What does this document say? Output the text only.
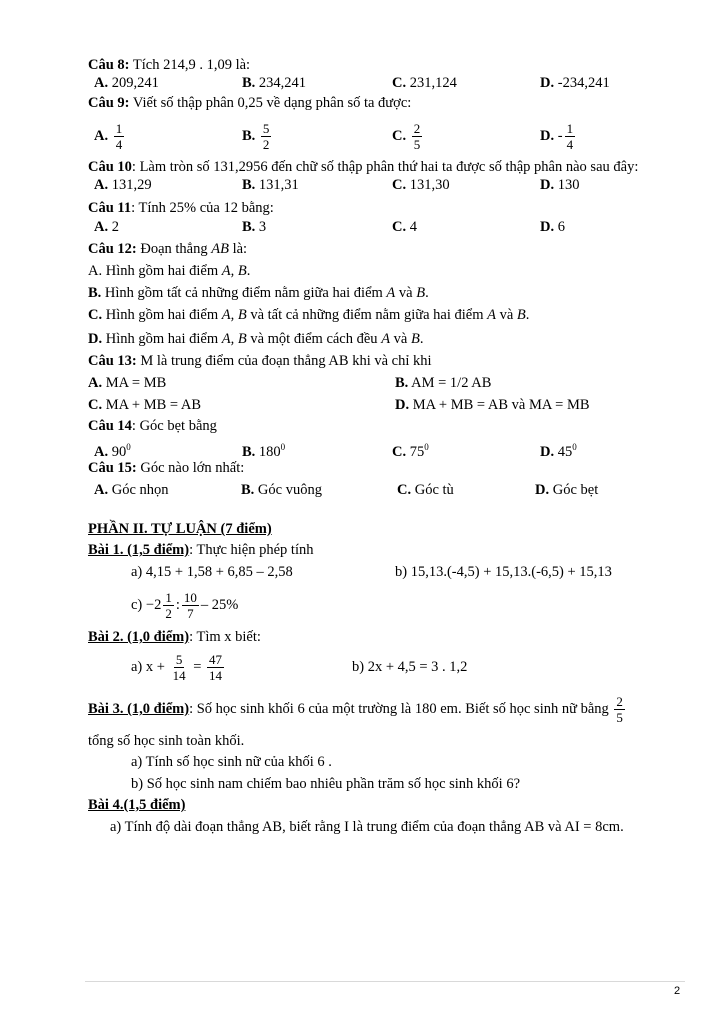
Câu 8: Tích 214,9 . 1,09 là:
A. 209,241	B. 234,241	C. 231,124	D. -234,241
Câu 9: Viết số thập phân 0,25 về dạng phân số ta được:
A. $\frac{1}{4}$	B. $\frac{5}{2}$	C. $\frac{2}{5}$	D. - $\frac{1}{4}$
Câu 10: Làm tròn số 131,2956 đến chữ số thập phân thứ hai ta được số thập phân nào sau đây:
A. 131,29	B. 131,31	C. 131,30	D. 130
Câu 11: Tính 25% của 12 bằng:
A. 2	B. 3	C. 4	D. 6
Câu 12: Đoạn thẳng AB là:
A. Hình gồm hai điểm A, B.
B. Hình gồm tất cả những điểm nằm giữa hai điểm A và B.
C. Hình gồm hai điểm A, B và tất cả những điểm nằm giữa hai điểm A và B.
D. Hình gồm hai điểm A, B và một điểm cách đều A và B.
Câu 13: M là trung điểm của đoạn thẳng AB khi và chỉ khi
A. MA = MB	B. AM = 1/2 AB
C. MA + MB = AB	D. MA + MB = AB và MA = MB
Câu 14: Góc bẹt bằng
A. $90^0$	B. $180^0$	C. $75^0$	D. $45^0$
Câu 15: Góc nào lớn nhất:
A. Góc nhọn	B. Góc vuông	C. Góc tù	D. Góc bẹt
PHẦN II. TỰ LUẬN (7 điểm)
Bài 1. (1,5 điểm): Thực hiện phép tính
a) 4,15 + 1,58 + 6,85 – 2,58	b) 15,13.(-4,5) + 15,13.(-6,5) + 15,13
$c) -2 \frac{1}{2}$ : $\frac{10}{7} - 25\%$
Bài 2. (1,0 điểm): Tìm x biết:
a) $x + \frac{5}{14} = \frac{47}{14}$	b) 2x + 4,5 = 3 . 1,2
Bài 3. (1,0 điểm): Số học sinh khối 6 của một trường là 180 em. Biết số học sinh nữ bằng $\frac{2}{5}$
tổng số học sinh toàn khối.
a) Tính số học sinh nữ của khối 6 .
b) Số học sinh nam chiếm bao nhiêu phần trăm số học sinh khối 6?
Bài 4.(1,5 điểm)
a) Tính độ dài đoạn thẳng AB, biết rằng I là trung điểm của đoạn thẳng AB và AI = 8cm.
2
